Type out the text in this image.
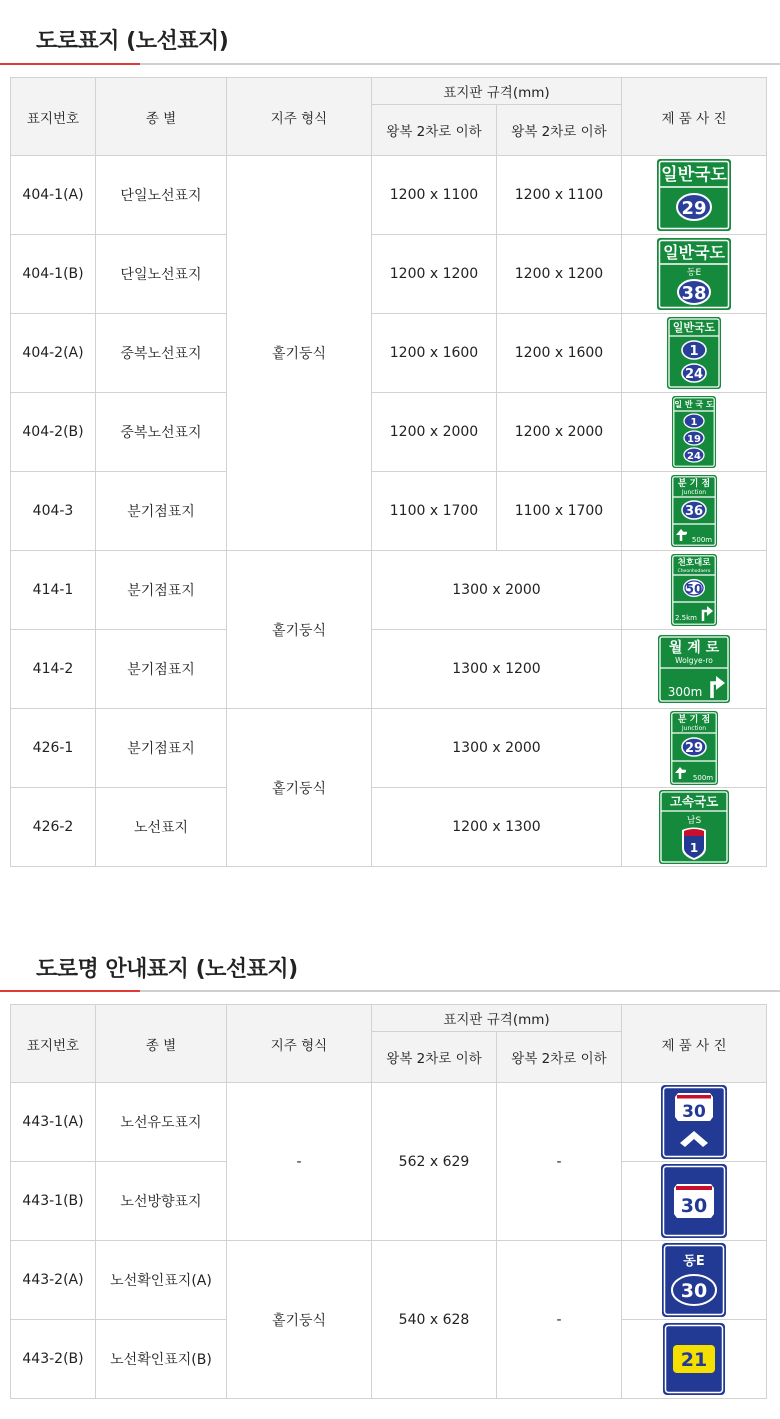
도로표지 (노선표지)
표지번호	종 별	지주 형식	표지판 규격(mm)		제 품 사 진
			왕복 2차로 이하	왕복 2차로 이하	
404-1(A)	단일노선표지	홑기둥식	1200 x 1100	1200 x 1100	일반국도
29

404-1(B)	단일노선표지		1200 x 1200	1200 x 1200	일반국도
동E
38

404-2(A)	중복노선표지		1200 x 1600	1200 x 1600	일반국도
1
24

404-2(B)	중복노선표지		1200 x 2000	1200 x 2000	일 반 국 도
1
19
24

404-3	분기점표지		1100 x 1700	1100 x 1700	분 기 점
Junction
36
500m

414-1	분기점표지	홑기둥식	1300 x 2000		천호대로
Cheonhodaero
50
2.5km

414-2	분기점표지		1300 x 1200		월 계 로
Wolgye-ro
300m

426-1	분기점표지	홑기둥식	1300 x 2000		분 기 점
Junction
29
500m

426-2	노선표지		1200 x 1300		고속국도
남S
1
도로명 안내표지 (노선표지)
표지번호	종 별	지주 형식	표지판 규격(mm)		제 품 사 진
			왕복 2차로 이하	왕복 2차로 이하	
443-1(A)	노선유도표지	-	562 x 629	-	30

443-1(B)	노선방향표지				30

443-2(A)	노선확인표지(A)	홑기둥식	540 x 628	-	동E
30

443-2(B)	노선확인표지(B)				21
